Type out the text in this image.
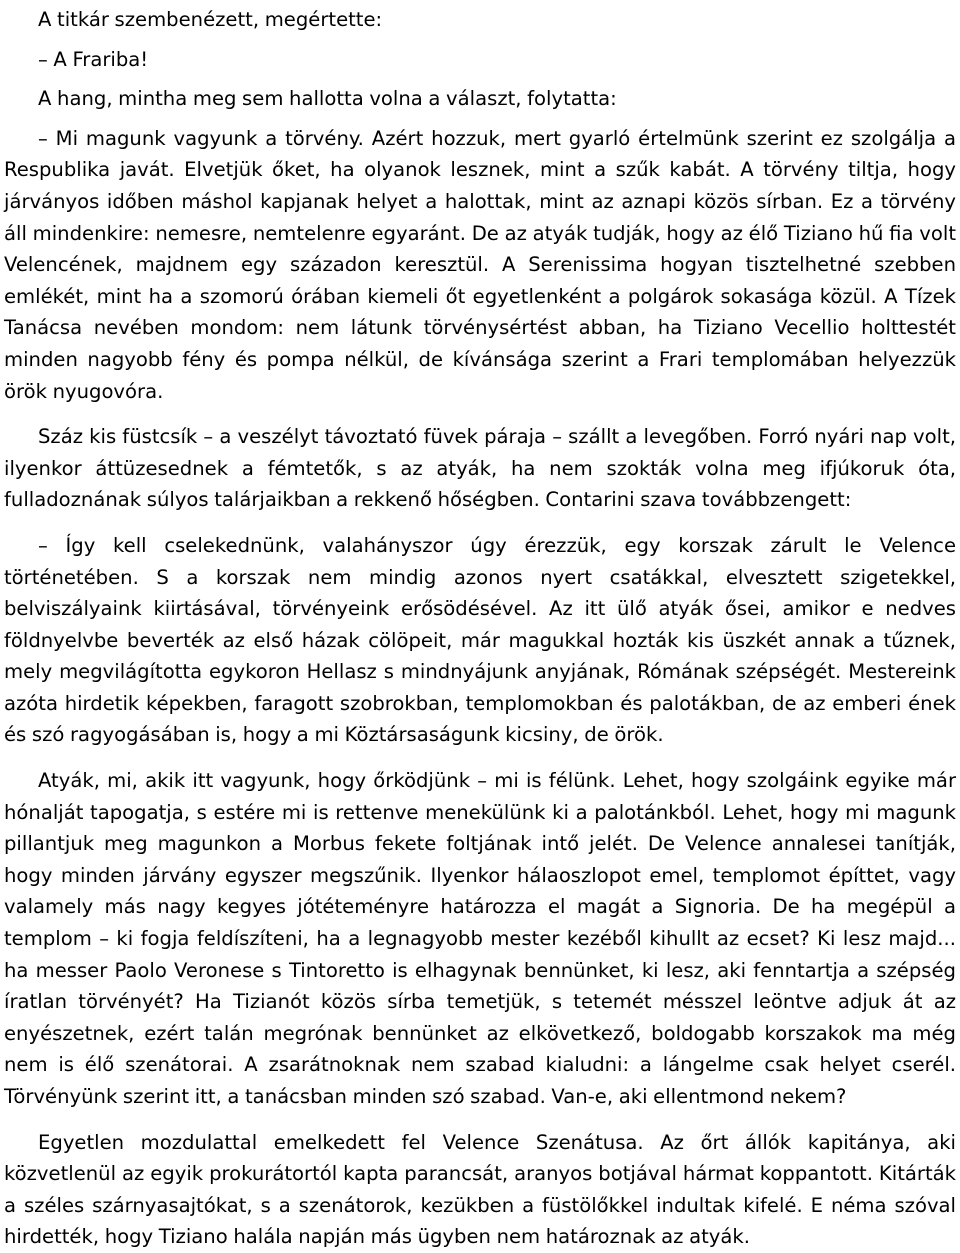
A titkár szembenézett, megértette:

– A Frariba!

A hang, mintha meg sem hallotta volna a választ, folytatta:

– Mi magunk vagyunk a törvény. Azért hozzuk, mert gyarló értelmünk szerint ez szolgálja a Respublika javát. Elvetjük őket, ha olyanok lesznek, mint a szűk kabát. A törvény tiltja, hogy járványos időben máshol kapjanak helyet a halottak, mint az aznapi közös sírban. Ez a törvény áll mindenkire: nemesre, nemtelenre egyaránt. De az atyák tudják, hogy az élő Tiziano hű fia volt Velencének, majdnem egy századon keresztül. A Serenissima hogyan tisztelhetné szebben emlékét, mint ha a szomorú órában kiemeli őt egyetlenként a polgárok sokasága közül. A Tízek Tanácsa nevében mondom: nem látunk törvénysértést abban, ha Tiziano Vecellio holttestét minden nagyobb fény és pompa nélkül, de kívánsága szerint a Frari templomában helyezzük örök nyugovóra.

Száz kis füstcsík – a veszélyt távoztató füvek páraja – szállt a levegőben. Forró nyári nap volt, ilyenkor áttüzesednek a fémtetők, s az atyák, ha nem szokták volna meg ifjúkoruk óta, fulladoznának súlyos talárjaikban a rekkenő hőségben. Contarini szava továbbzengett:

– Így kell cselekednünk, valahányszor úgy érezzük, egy korszak zárult le Velence történetében. S a korszak nem mindig azonos nyert csatákkal, elvesztett szigetekkel, belviszályaink kiirtásával, törvényeink erősödésével. Az itt ülő atyák ősei, amikor e nedves földnyelvbe beverték az első házak cölöpeit, már magukkal hozták kis üszkét annak a tűznek, mely megvilágította egykoron Hellasz s mindnyájunk anyjának, Rómának szépségét. Mestereink azóta hirdetik képekben, faragott szobrokban, templomokban és palotákban, de az emberi ének és szó ragyogásában is, hogy a mi Köztársaságunk kicsiny, de örök.

Atyák, mi, akik itt vagyunk, hogy őrködjünk – mi is félünk. Lehet, hogy szolgáink egyike már hónalját tapogatja, s estére mi is rettenve menekülünk ki a palotánkból. Lehet, hogy mi magunk pillantjuk meg magunkon a Morbus fekete foltjának intő jelét. De Velence annalesei tanítják, hogy minden járvány egyszer megszűnik. Ilyenkor hálaoszlopot emel, templomot építtet, vagy valamely más nagy kegyes jótéteményre határozza el magát a Signoria. De ha megépül a templom – ki fogja feldíszíteni, ha a legnagyobb mester kezéből kihullt az ecset? Ki lesz majd... ha messer Paolo Veronese s Tintoretto is elhagynak bennünket, ki lesz, aki fenntartja a szépség íratlan törvényét? Ha Tizianót közös sírba temetjük, s tetemét mésszel leöntve adjuk át az enyészetnek, ezért talán megrónak bennünket az elkövetkező, boldogabb korszakok ma még nem is élő szenátorai. A zsarátnoknak nem szabad kialudni: a lángelme csak helyet cserél. Törvényünk szerint itt, a tanácsban minden szó szabad. Van-e, aki ellentmond nekem?

Egyetlen mozdulattal emelkedett fel Velence Szenátusa. Az őrt állók kapitánya, aki közvetlenül az egyik prokurátortól kapta parancsát, aranyos botjával hármat koppantott. Kitárták a széles szárnyasajtókat, s a szenátorok, kezükben a füstölőkkel indultak kifelé. E néma szóval hirdették, hogy Tiziano halála napján más ügyben nem határoznak az atyák.
